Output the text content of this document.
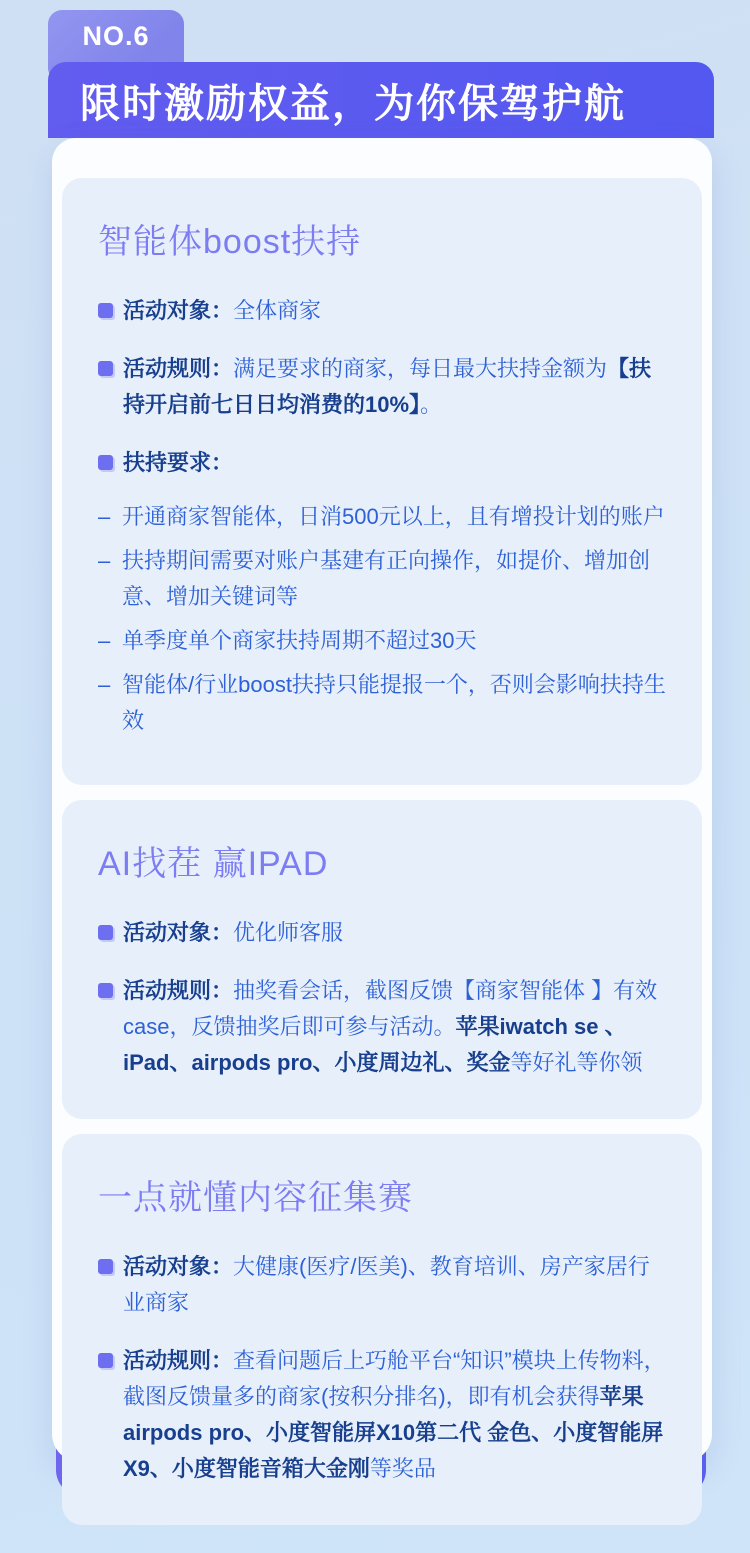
NO.6
限时激励权益，为你保驾护航
智能体boost扶持

活动对象：全体商家

活动规则：满足要求的商家，每日最大扶持金额为【扶持开启前七日日均消费的10%】。

扶持要求：

– 开通商家智能体，日消500元以上，且有增投计划的账户

– 扶持期间需要对账户基建有正向操作，如提价、增加创意、增加关键词等

– 单季度单个商家扶持周期不超过30天

– 智能体/行业boost扶持只能提报一个，否则会影响扶持生效

AI找茬 赢IPAD

活动对象：优化师客服

活动规则：抽奖看会话，截图反馈【商家智能体 】有效case，反馈抽奖后即可参与活动。苹果iwatch se 、iPad、airpods pro、小度周边礼、奖金等好礼等你领

一点就懂内容征集赛

活动对象：大健康(医疗/医美)、教育培训、房产家居行业商家

活动规则：查看问题后上巧舱平台“知识”模块上传物料，截图反馈量多的商家(按积分排名)，即有机会获得苹果airpods pro、小度智能屏X10第二代 金色、小度智能屏X9、小度智能音箱大金刚等奖品
